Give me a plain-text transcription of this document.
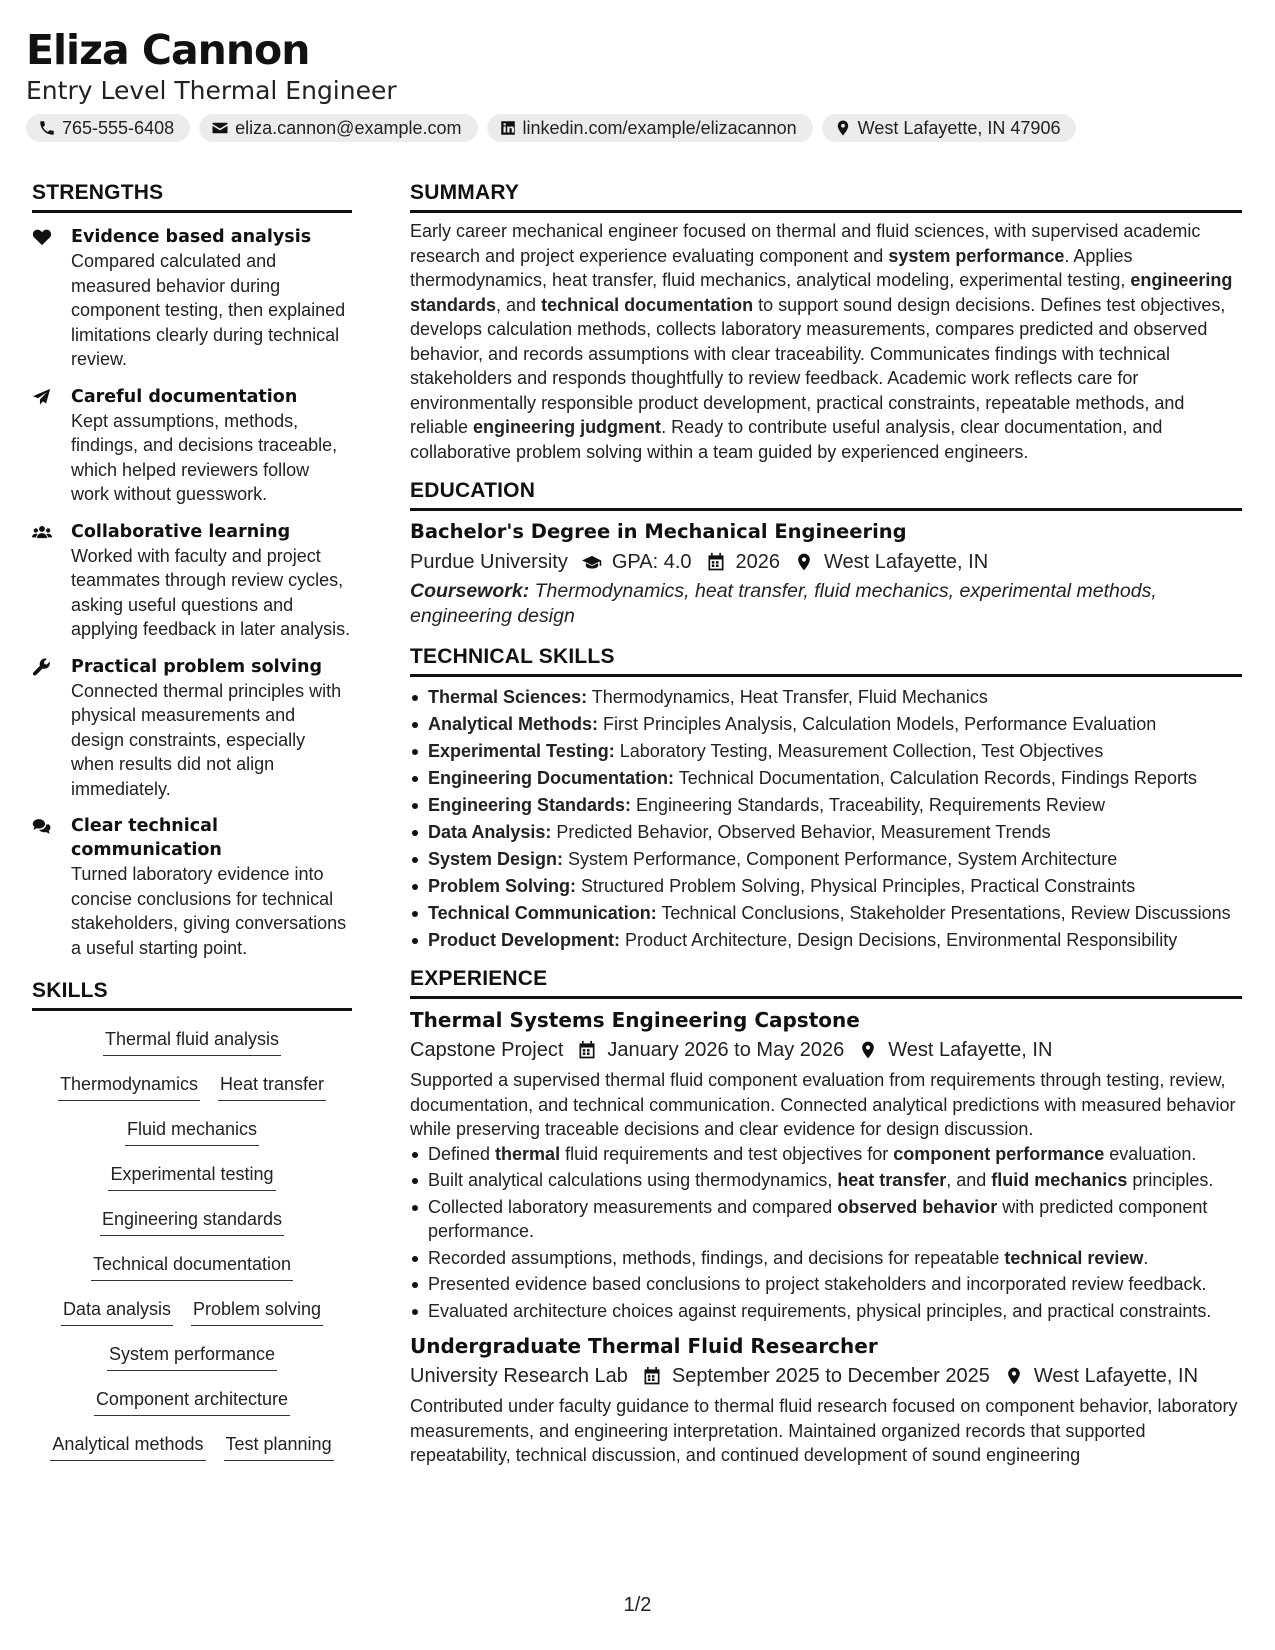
Eliza Cannon
Entry Level Thermal Engineer
765-555-6408	eliza.cannon@example.com	linkedin.com/example/elizacannon	West Lafayette, IN 47906
STRENGTHS
Evidence based analysis
Compared calculated and measured behavior during component testing, then explained limitations clearly during technical review.
Careful documentation
Kept assumptions, methods, findings, and decisions traceable, which helped reviewers follow work without guesswork.
Collaborative learning
Worked with faculty and project teammates through review cycles, asking useful questions and applying feedback in later analysis.
Practical problem solving
Connected thermal principles with physical measurements and design constraints, especially when results did not align immediately.
Clear technical communication
Turned laboratory evidence into concise conclusions for technical stakeholders, giving conversations a useful starting point.
SKILLS
Thermal fluid analysis
Thermodynamics Heat transfer
Fluid mechanics
Experimental testing
Engineering standards
Technical documentation
Data analysis Problem solving
System performance
Component architecture
Analytical methods Test planning
SUMMARY
Early career mechanical engineer focused on thermal and fluid sciences, with supervised academic research and project experience evaluating component and system performance. Applies thermodynamics, heat transfer, fluid mechanics, analytical modeling, experimental testing, engineering standards, and technical documentation to support sound design decisions. Defines test objectives, develops calculation methods, collects laboratory measurements, compares predicted and observed behavior, and records assumptions with clear traceability. Communicates findings with technical stakeholders and responds thoughtfully to review feedback. Academic work reflects care for environmentally responsible product development, practical constraints, repeatable methods, and reliable engineering judgment. Ready to contribute useful analysis, clear documentation, and collaborative problem solving within a team guided by experienced engineers.
EDUCATION
Bachelor's Degree in Mechanical Engineering
Purdue University GPA: 4.0 2026 West Lafayette, IN
Coursework: Thermodynamics, heat transfer, fluid mechanics, experimental methods, engineering design
TECHNICAL SKILLS
Thermal Sciences: Thermodynamics, Heat Transfer, Fluid Mechanics
Analytical Methods: First Principles Analysis, Calculation Models, Performance Evaluation
Experimental Testing: Laboratory Testing, Measurement Collection, Test Objectives
Engineering Documentation: Technical Documentation, Calculation Records, Findings Reports
Engineering Standards: Engineering Standards, Traceability, Requirements Review
Data Analysis: Predicted Behavior, Observed Behavior, Measurement Trends
System Design: System Performance, Component Performance, System Architecture
Problem Solving: Structured Problem Solving, Physical Principles, Practical Constraints
Technical Communication: Technical Conclusions, Stakeholder Presentations, Review Discussions
Product Development: Product Architecture, Design Decisions, Environmental Responsibility
EXPERIENCE
Thermal Systems Engineering Capstone
Capstone Project January 2026 to May 2026 West Lafayette, IN
Supported a supervised thermal fluid component evaluation from requirements through testing, review, documentation, and technical communication. Connected analytical predictions with measured behavior while preserving traceable decisions and clear evidence for design discussion.
Defined thermal fluid requirements and test objectives for component performance evaluation.
Built analytical calculations using thermodynamics, heat transfer, and fluid mechanics principles.
Collected laboratory measurements and compared observed behavior with predicted component performance.
Recorded assumptions, methods, findings, and decisions for repeatable technical review.
Presented evidence based conclusions to project stakeholders and incorporated review feedback.
Evaluated architecture choices against requirements, physical principles, and practical constraints.
Undergraduate Thermal Fluid Researcher
University Research Lab September 2025 to December 2025 West Lafayette, IN
Contributed under faculty guidance to thermal fluid research focused on component behavior, laboratory measurements, and engineering interpretation. Maintained organized records that supported repeatability, technical discussion, and continued development of sound engineering
1/2
